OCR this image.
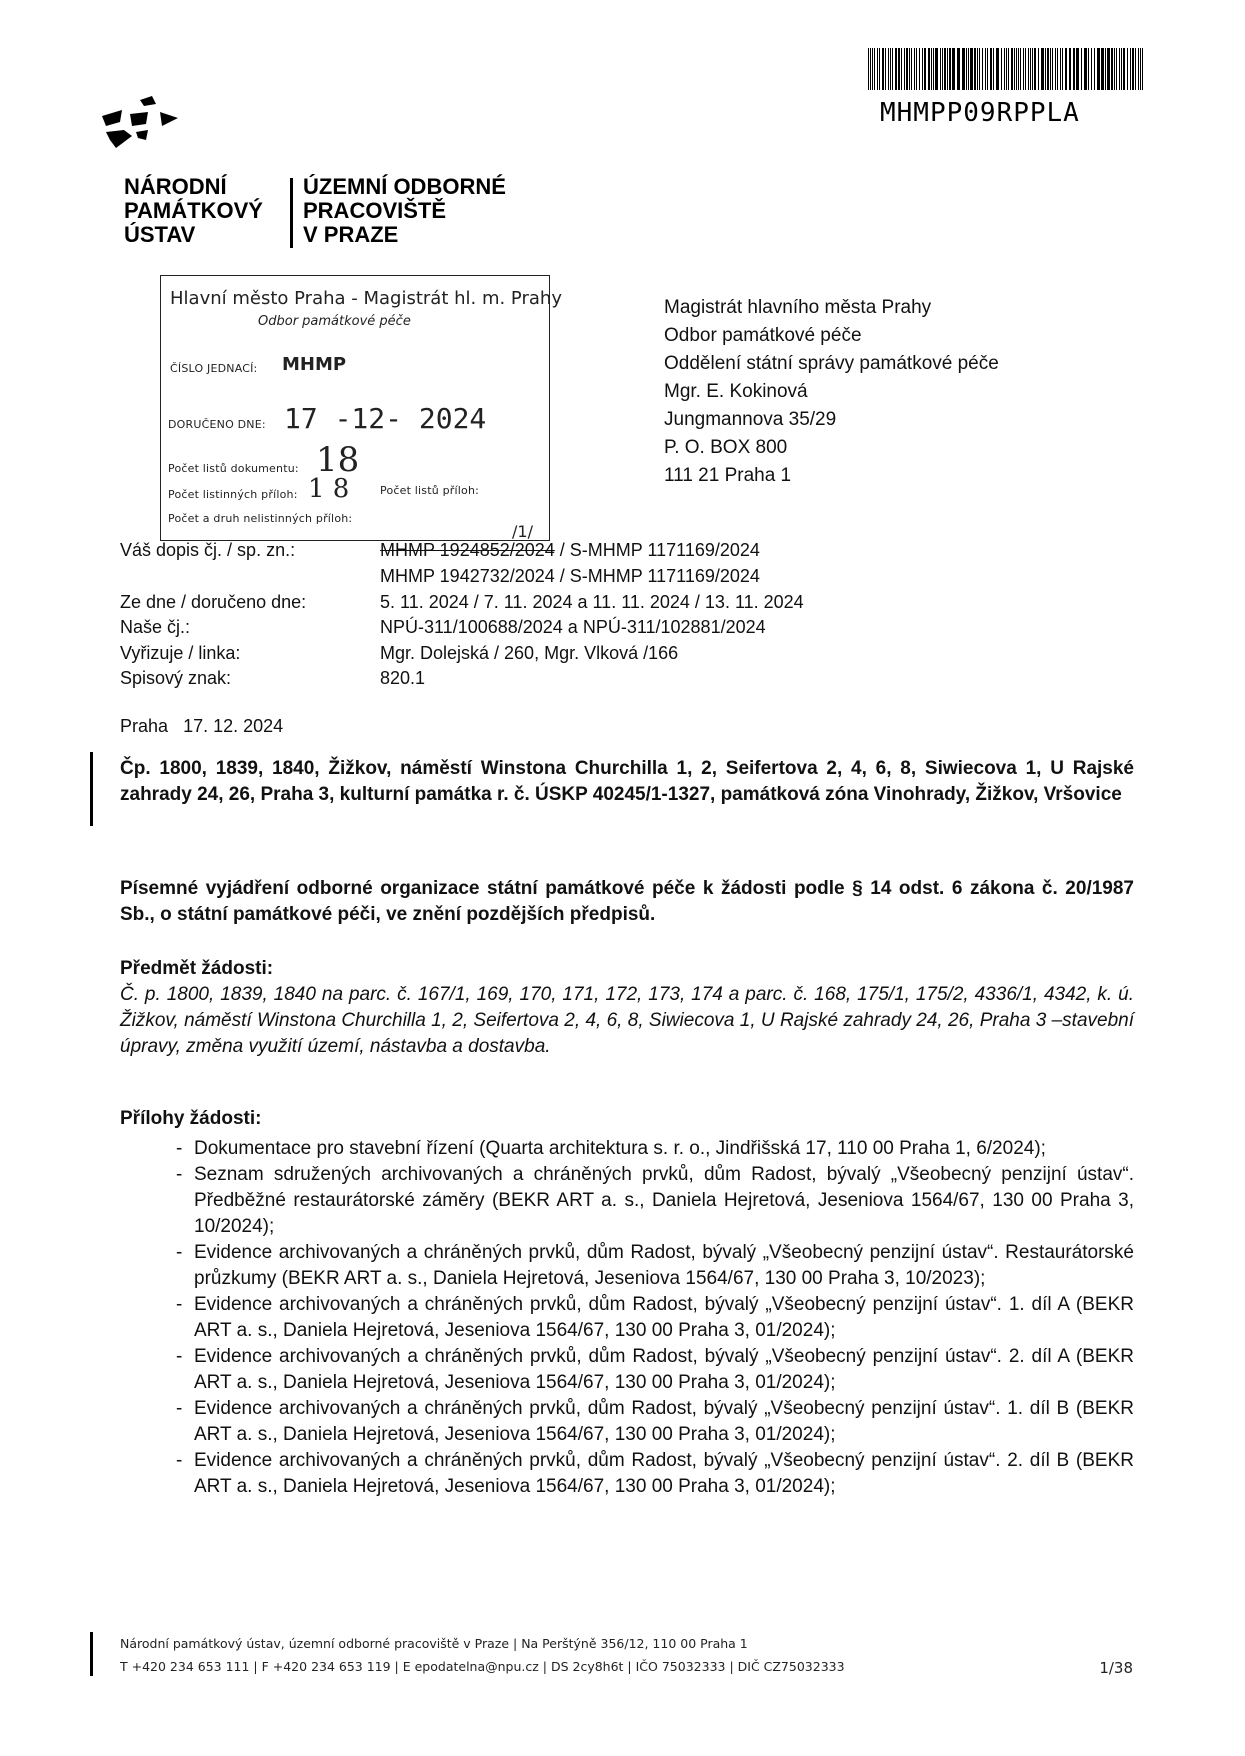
MHMPP09RPPLA
NÁRODNÍ
PAMÁTKOVÝ
ÚSTAV
ÚZEMNÍ ODBORNÉ
PRACOVIŠTĚ
V PRAZE
Hlavní město Praha - Magistrát hl. m. Prahy
Odbor památkové péče
ČÍSLO JEDNACÍ: MHMP
DORUČENO DNE: 17 -12- 2024
Počet listů dokumentu: 18
Počet listinných příloh: 1 8	Počet listů příloh:
Počet a druh nelistinných příloh:
/1/
Magistrát hlavního města Prahy
Odbor památkové péče
Oddělení státní správy památkové péče
Mgr. E. Kokinová
Jungmannova 35/29
P. O. BOX 800
111 21 Praha 1
Váš dopis čj. / sp. zn.:	MHMP 1924852/2024 / S-MHMP 1171169/2024
MHMP 1942732/2024 / S-MHMP 1171169/2024
Ze dne / doručeno dne:	5. 11. 2024 / 7. 11. 2024 a 11. 11. 2024 / 13. 11. 2024
Naše čj.:	NPÚ-311/100688/2024 a NPÚ-311/102881/2024
Vyřizuje / linka:	Mgr. Dolejská / 260, Mgr. Vlková /166
Spisový znak:	820.1
Praha 17. 12. 2024
Čp. 1800, 1839, 1840, Žižkov, náměstí Winstona Churchilla 1, 2, Seifertova 2, 4, 6, 8, Siwiecova 1, U Rajské zahrady 24, 26, Praha 3, kulturní památka r. č. ÚSKP 40245/1-1327, památková zóna Vinohrady, Žižkov, Vršovice
Písemné vyjádření odborné organizace státní památkové péče k žádosti podle § 14 odst. 6 zákona č. 20/1987 Sb., o státní památkové péči, ve znění pozdějších předpisů.
Předmět žádosti:
Č. p. 1800, 1839, 1840 na parc. č. 167/1, 169, 170, 171, 172, 173, 174 a parc. č. 168, 175/1, 175/2, 4336/1, 4342, k. ú. Žižkov, náměstí Winstona Churchilla 1, 2, Seifertova 2, 4, 6, 8, Siwiecova 1, U Rajské zahrady 24, 26, Praha 3 –stavební úpravy, změna využití území, nástavba a dostavba.
Přílohy žádosti:
- Dokumentace pro stavební řízení (Quarta architektura s. r. o., Jindřišská 17, 110 00 Praha 1, 6/2024);
- Seznam sdružených archivovaných a chráněných prvků, dům Radost, bývalý „Všeobecný penzijní ústav“. Předběžné restaurátorské záměry (BEKR ART a. s., Daniela Hejretová, Jeseniova 1564/67, 130 00 Praha 3, 10/2024);
- Evidence archivovaných a chráněných prvků, dům Radost, bývalý „Všeobecný penzijní ústav“. Restaurátorské průzkumy (BEKR ART a. s., Daniela Hejretová, Jeseniova 1564/67, 130 00 Praha 3, 10/2023);
- Evidence archivovaných a chráněných prvků, dům Radost, bývalý „Všeobecný penzijní ústav“. 1. díl A (BEKR ART a. s., Daniela Hejretová, Jeseniova 1564/67, 130 00 Praha 3, 01/2024);
- Evidence archivovaných a chráněných prvků, dům Radost, bývalý „Všeobecný penzijní ústav“. 2. díl A (BEKR ART a. s., Daniela Hejretová, Jeseniova 1564/67, 130 00 Praha 3, 01/2024);
- Evidence archivovaných a chráněných prvků, dům Radost, bývalý „Všeobecný penzijní ústav“. 1. díl B (BEKR ART a. s., Daniela Hejretová, Jeseniova 1564/67, 130 00 Praha 3, 01/2024);
- Evidence archivovaných a chráněných prvků, dům Radost, bývalý „Všeobecný penzijní ústav“. 2. díl B (BEKR ART a. s., Daniela Hejretová, Jeseniova 1564/67, 130 00 Praha 3, 01/2024);
Národní památkový ústav, územní odborné pracoviště v Praze | Na Perštýně 356/12, 110 00 Praha 1
T +420 234 653 111 | F +420 234 653 119 | E epodatelna@npu.cz | DS 2cy8h6t | IČO 75032333 | DIČ CZ75032333	1/38
